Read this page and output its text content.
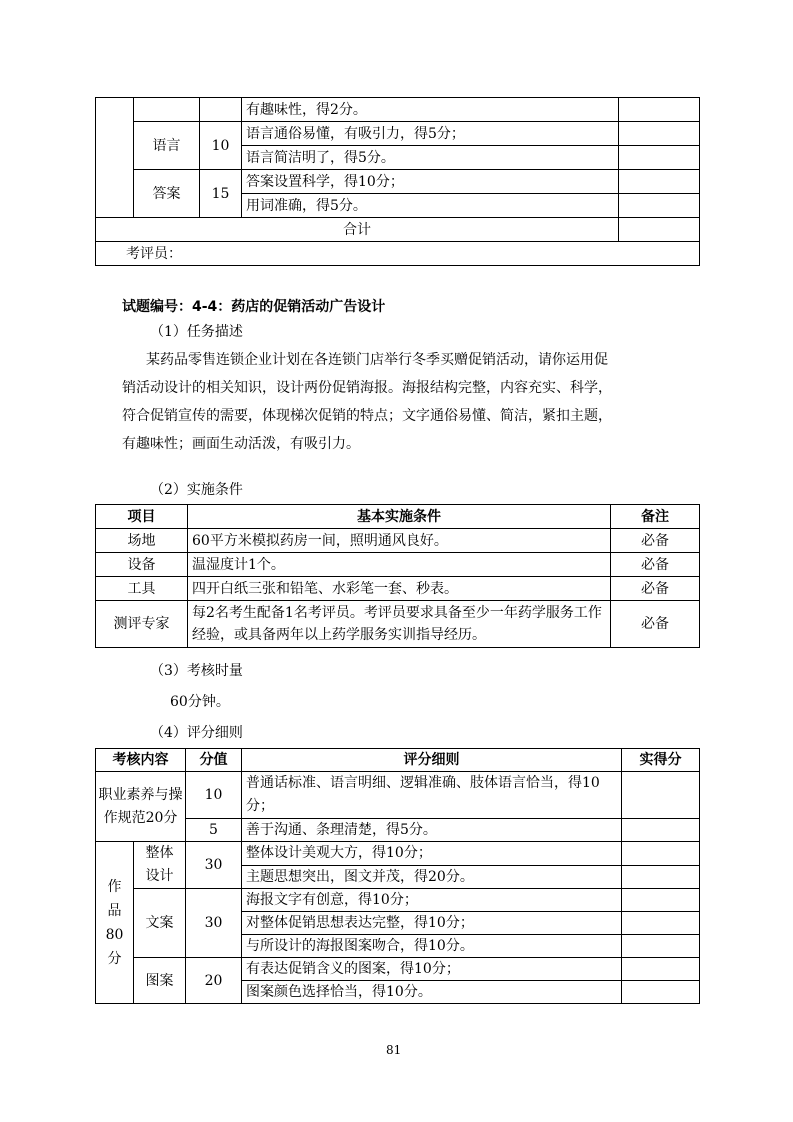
			有趣味性，得2分。	
	语言	10	语言通俗易懂，有吸引力，得5分；	
			语言简洁明了，得5分。	
	答案	15	答案设置科学，得10分；	
			用词准确，得5分。	
合计				
考评员：				
试题编号：4-4：药店的促销活动广告设计
（1）任务描述

某药品零售连锁企业计划在各连锁门店举行冬季买赠促销活动，请你运用促

销活动设计的相关知识，设计两份促销海报。海报结构完整，内容充实、科学，

符合促销宣传的需要，体现梯次促销的特点；文字通俗易懂、简洁，紧扣主题，

有趣味性；画面生动活泼，有吸引力。

（2）实施条件
项目	基本实施条件	备注
场地	60平方米模拟药房一间，照明通风良好。	必备
设备	温湿度计1个。	必备
工具	四开白纸三张和铅笔、水彩笔一套、秒表。	必备
测评专家	每2名考生配备1名考评员。考评员要求具备至少一年药学服务工作经验，或具备两年以上药学服务实训指导经历。	必备
（3）考核时量
60分钟。
（4）评分细则
考核内容		分值	评分细则	实得分
职业素养与操作规范20分		10	普通话标准、语言明细、逻辑准确、肢体语言恰当，得10分；	
		5	善于沟通、条理清楚，得5分。	
作品80分	整体设计	30	整体设计美观大方，得10分；	
			主题思想突出，图文并茂，得20分。	
	文案	30	海报文字有创意，得10分；	
			对整体促销思想表达完整，得10分；	
			与所设计的海报图案吻合，得10分。	
	图案	20	有表达促销含义的图案，得10分；	
			图案颜色选择恰当，得10分。	
81
